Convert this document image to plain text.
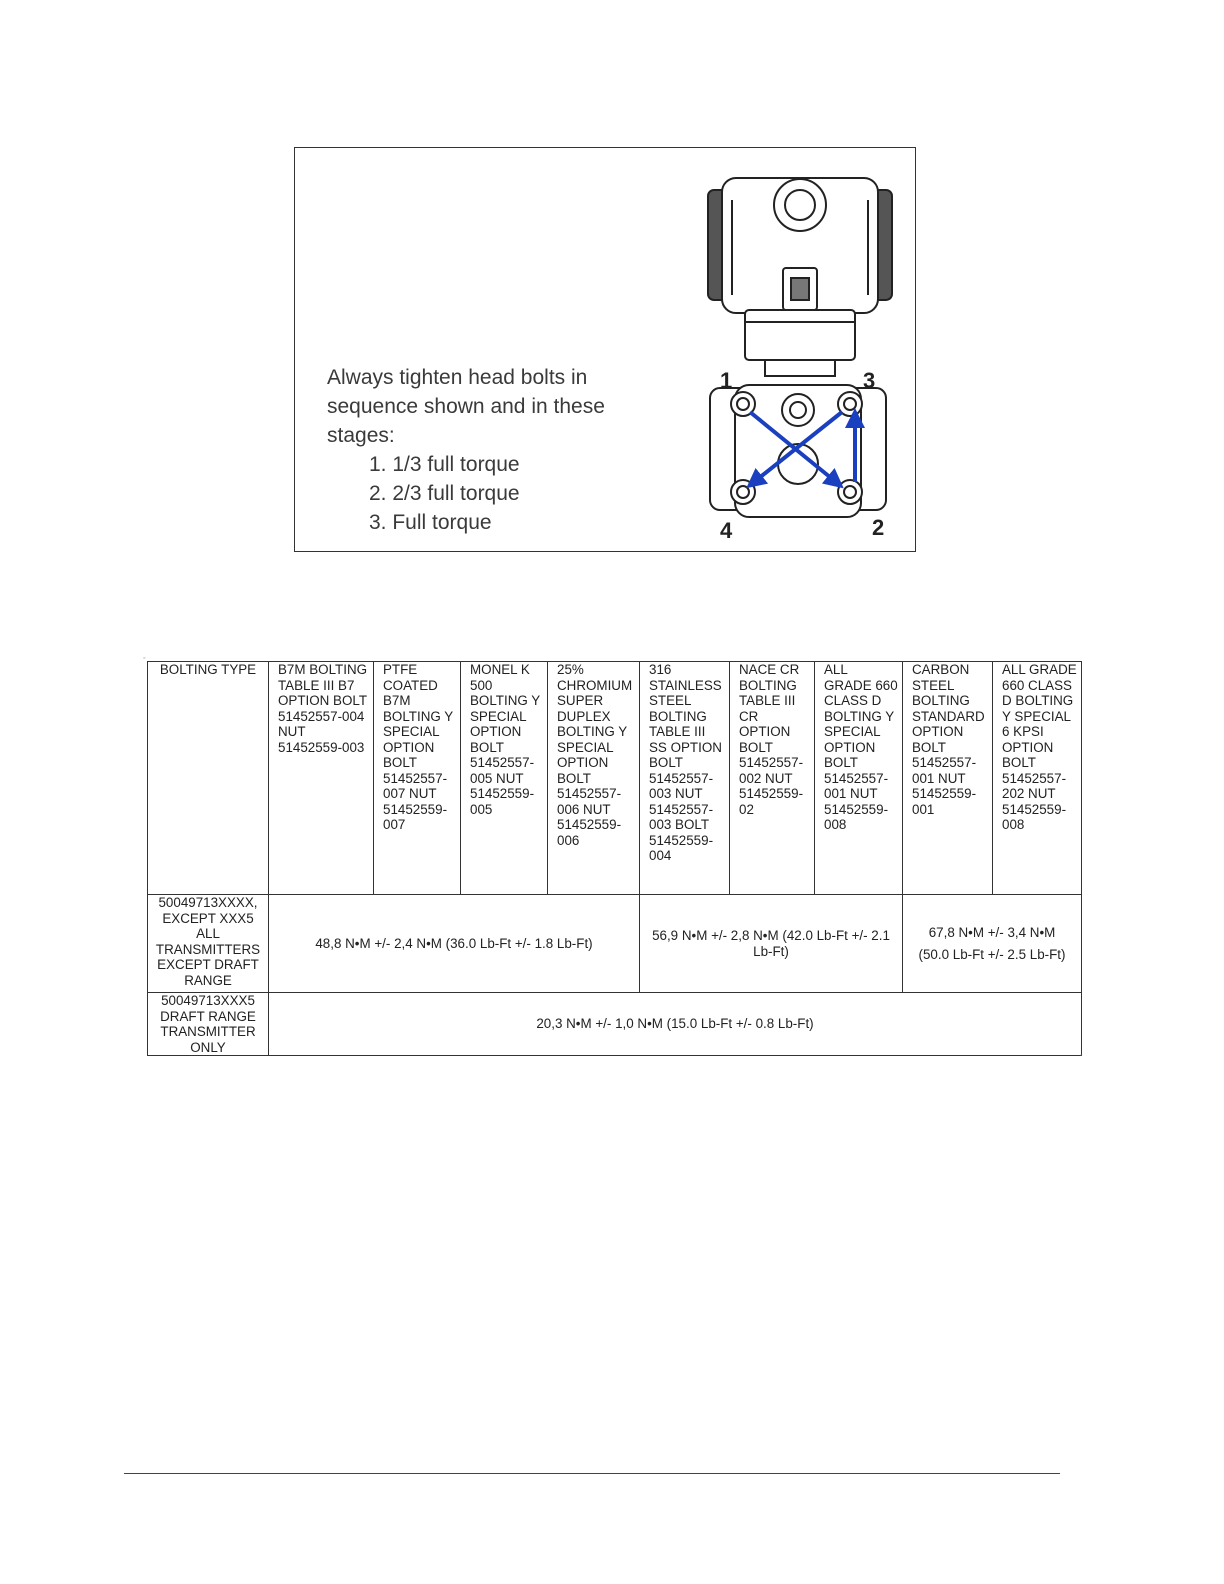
Always tighten head bolts in sequence shown and in these stages:
1. 1/3 full torque
2. 2/3 full torque
3. Full torque
1
2
3
4
◦
BOLTING TYPE	B7M BOLTING TABLE III B7 OPTION BOLT 51452557-004 NUT 51452559-003	PTFE COATED B7M BOLTING Y SPECIAL OPTION BOLT 51452557-007 NUT 51452559-007	MONEL K 500 BOLTING Y SPECIAL OPTION BOLT 51452557-005 NUT 51452559-005	25% CHROMIUM SUPER DUPLEX BOLTING Y SPECIAL OPTION BOLT 51452557-006 NUT 51452559-006	316 STAINLESS STEEL BOLTING TABLE III SS OPTION BOLT 51452557-003 NUT 51452557-003 BOLT 51452559-004	NACE CR BOLTING TABLE III CR OPTION BOLT 51452557-002 NUT 51452559-02	ALL GRADE 660 CLASS D BOLTING Y SPECIAL OPTION BOLT 51452557-001 NUT 51452559-008	CARBON STEEL BOLTING STANDARD OPTION BOLT 51452557-001 NUT 51452559-001	ALL GRADE 660 CLASS D BOLTING Y SPECIAL 6 KPSI OPTION BOLT 51452557-202 NUT 51452559-008
50049713XXXX, EXCEPT XXX5 ALL TRANSMITTERS EXCEPT DRAFT RANGE	48,8 N•M +/- 2,4 N•M (36.0 Lb-Ft +/- 1.8 Lb-Ft)				56,9 N•M +/- 2,8 N•M (42.0 Lb-Ft +/- 2.1 Lb-Ft)			67,8 N•M +/- 3,4 N•M
(50.0 Lb-Ft +/- 2.5 Lb-Ft)	

50049713XXX5 DRAFT RANGE TRANSMITTER ONLY	20,3 N•M +/- 1,0 N•M (15.0 Lb-Ft +/- 0.8 Lb-Ft)								
◦
